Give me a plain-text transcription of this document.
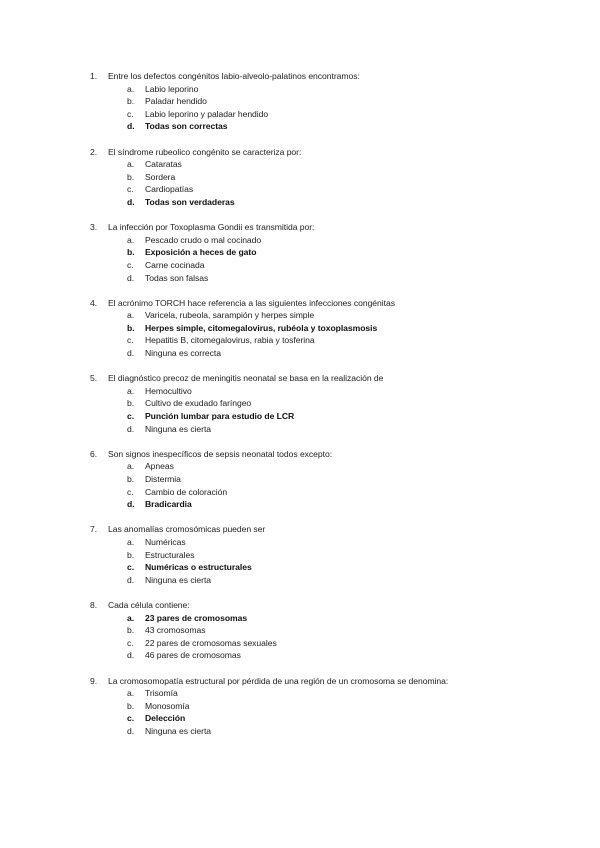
1. Entre los defectos congénitos labio-alveolo-palatinos encontramos:
a. Labio leporino
b. Paladar hendido
c. Labio leporino y paladar hendido
d. Todas son correctas
2. El síndrome rubeolico congénito se caracteriza por:
a. Cataratas
b. Sordera
c. Cardiopatías
d. Todas son verdaderas
3. La infección por Toxoplasma Gondii es transmitida por:
a. Pescado crudo o mal cocinado
b. Exposición a heces de gato
c. Carne cocinada
d. Todas son falsas
4. El acrónimo TORCH hace referencia a las siguientes infecciones congénitas
a. Varicela, rubeola, sarampión y herpes simple
b. Herpes simple, citomegalovirus, rubéola y toxoplasmosis
c. Hepatitis B, citomegalovirus, rabia y tosferina
d. Ninguna es correcta
5. El diagnóstico precoz de meningitis neonatal se basa en la realización de
a. Hemocultivo
b. Cultivo de exudado faríngeo
c. Punción lumbar para estudio de LCR
d. Ninguna es cierta
6. Son signos inespecíficos de sepsis neonatal todos excepto:
a. Apneas
b. Distermia
c. Cambio de coloración
d. Bradicardia
7. Las anomalías cromosómicas pueden ser
a. Numéricas
b. Estructurales
c. Numéricas o estructurales
d. Ninguna es cierta
8. Cada célula contiene:
a. 23 pares de cromosomas
b. 43 cromosomas
c. 22 pares de cromosomas sexuales
d. 46 pares de cromosomas
9. La cromosomopatía estructural por pérdida de una región de un cromosoma se denomina:
a. Trisomía
b. Monosomía
c. Delección
d. Ninguna es cierta
